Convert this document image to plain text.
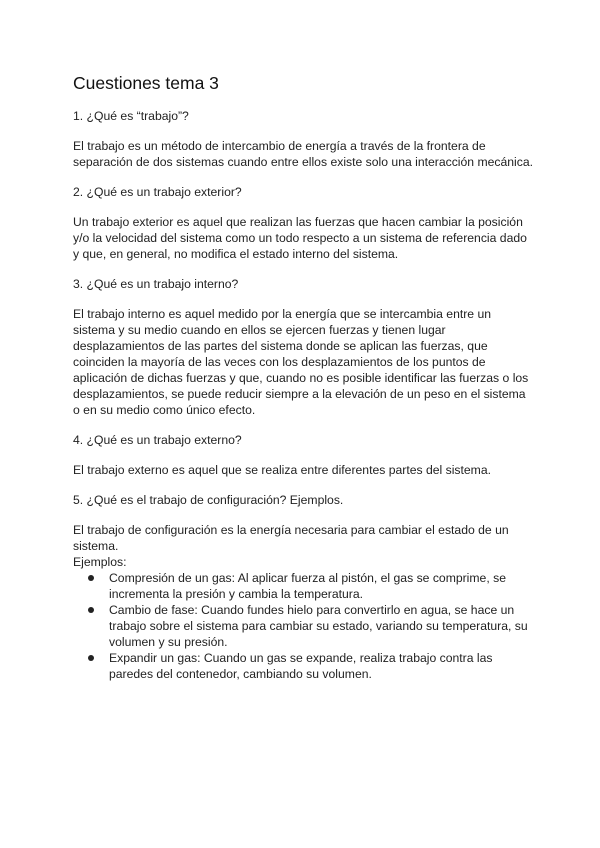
Cuestiones tema 3

1. ¿Qué es “trabajo”?

El trabajo es un método de intercambio de energía a través de la frontera de separación de dos sistemas cuando entre ellos existe solo una interacción mecánica.

2. ¿Qué es un trabajo exterior?

Un trabajo exterior es aquel que realizan las fuerzas que hacen cambiar la posición y/o la velocidad del sistema como un todo respecto a un sistema de referencia dado y que, en general, no modifica el estado interno del sistema.

3. ¿Qué es un trabajo interno?

El trabajo interno es aquel medido por la energía que se intercambia entre un sistema y su medio cuando en ellos se ejercen fuerzas y tienen lugar desplazamientos de las partes del sistema donde se aplican las fuerzas, que coinciden la mayoría de las veces con los desplazamientos de los puntos de aplicación de dichas fuerzas y que, cuando no es posible identificar las fuerzas o los desplazamientos, se puede reducir siempre a la elevación de un peso en el sistema o en su medio como único efecto.

4. ¿Qué es un trabajo externo?

El trabajo externo es aquel que se realiza entre diferentes partes del sistema.

5. ¿Qué es el trabajo de configuración? Ejemplos.

El trabajo de configuración es la energía necesaria para cambiar el estado de un sistema.

Ejemplos:

Compresión de un gas: Al aplicar fuerza al pistón, el gas se comprime, se incrementa la presión y cambia la temperatura.
Cambio de fase: Cuando fundes hielo para convertirlo en agua, se hace un trabajo sobre el sistema para cambiar su estado, variando su temperatura, su volumen y su presión.
Expandir un gas: Cuando un gas se expande, realiza trabajo contra las paredes del contenedor, cambiando su volumen.
